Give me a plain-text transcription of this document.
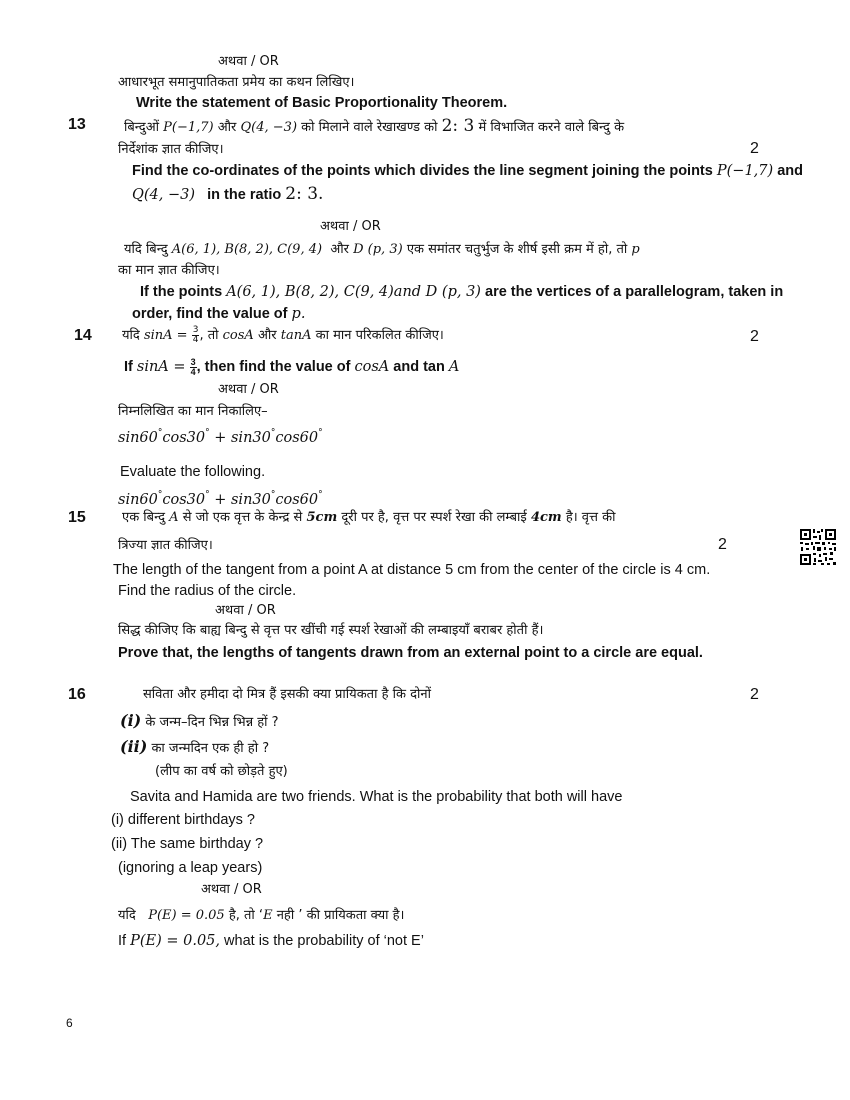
अथवा / OR
आधारभूत समानुपातिकता प्रमेय का कथन लिखिए।
Write the statement of Basic Proportionality Theorem.
13	बिन्दुओं P(−1,7) और Q(4, −3) को मिलाने वाले रेखाखण्ड को 2: 3 में विभाजित करने वाले बिन्दु के
निर्देशांक ज्ञात कीजिए।	2
Find the co-ordinates of the points which divides the line segment joining the points P(−1,7) and
Q(4, −3) in the ratio 2: 3.
अथवा / OR
यदि बिन्दु A(6, 1), B(8, 2), C(9, 4) और D (p, 3) एक समांतर चतुर्भुज के शीर्ष इसी क्रम में हो, तो p
का मान ज्ञात कीजिए।
If the points A(6, 1), B(8, 2), C(9, 4)and D (p, 3) are the vertices of a parallelogram, taken in
order, find the value of p.
14 यदि $\sin A = \frac{3}{4}$ , तो cosA और tanA का मान परिकलित कीजिए।	2
If $\sin A = \frac{3}{4}$ , then find the value of cosA and tan A
अथवा / OR
निम्नलिखित का मान निकालिए–
sin60°cos30° + sin30°cos60°
Evaluate the following.
sin60°cos30° + sin30°cos60°
15	एक बिन्दु A से जो एक वृत्त के केन्द्र से 5cm दूरी पर है, वृत्त पर स्पर्श रेखा की लम्बाई 4cm है। वृत्त की
त्रिज्या ज्ञात कीजिए।	2
The length of the tangent from a point A at distance 5 cm from the center of the circle is 4 cm.
Find the radius of the circle.
अथवा / OR
सिद्ध कीजिए कि बाह्य बिन्दु से वृत्त पर खींची गई स्पर्श रेखाओं की लम्बाइयाँ बराबर होती हैं।
Prove that, the lengths of tangents drawn from an external point to a circle are equal.
16	सविता और हमीदा दो मित्र हैं इसकी क्या प्रायिकता है कि दोनों	2
(i) के जन्म–दिन भिन्न भिन्न हों ?
(ii) का जन्मदिन एक ही हो ?
(लीप का वर्ष को छोड़ते हुए)
Savita and Hamida are two friends. What is the probability that both will have
(i) different birthdays ?
(ii) The same birthday ?
(ignoring a leap years)
अथवा / OR
यदि P(E) = 0.05 है, तो ‘E नही ’ की प्रायिकता क्या है।
If P(E) = 0.05, what is the probability of ‘not E’
6
